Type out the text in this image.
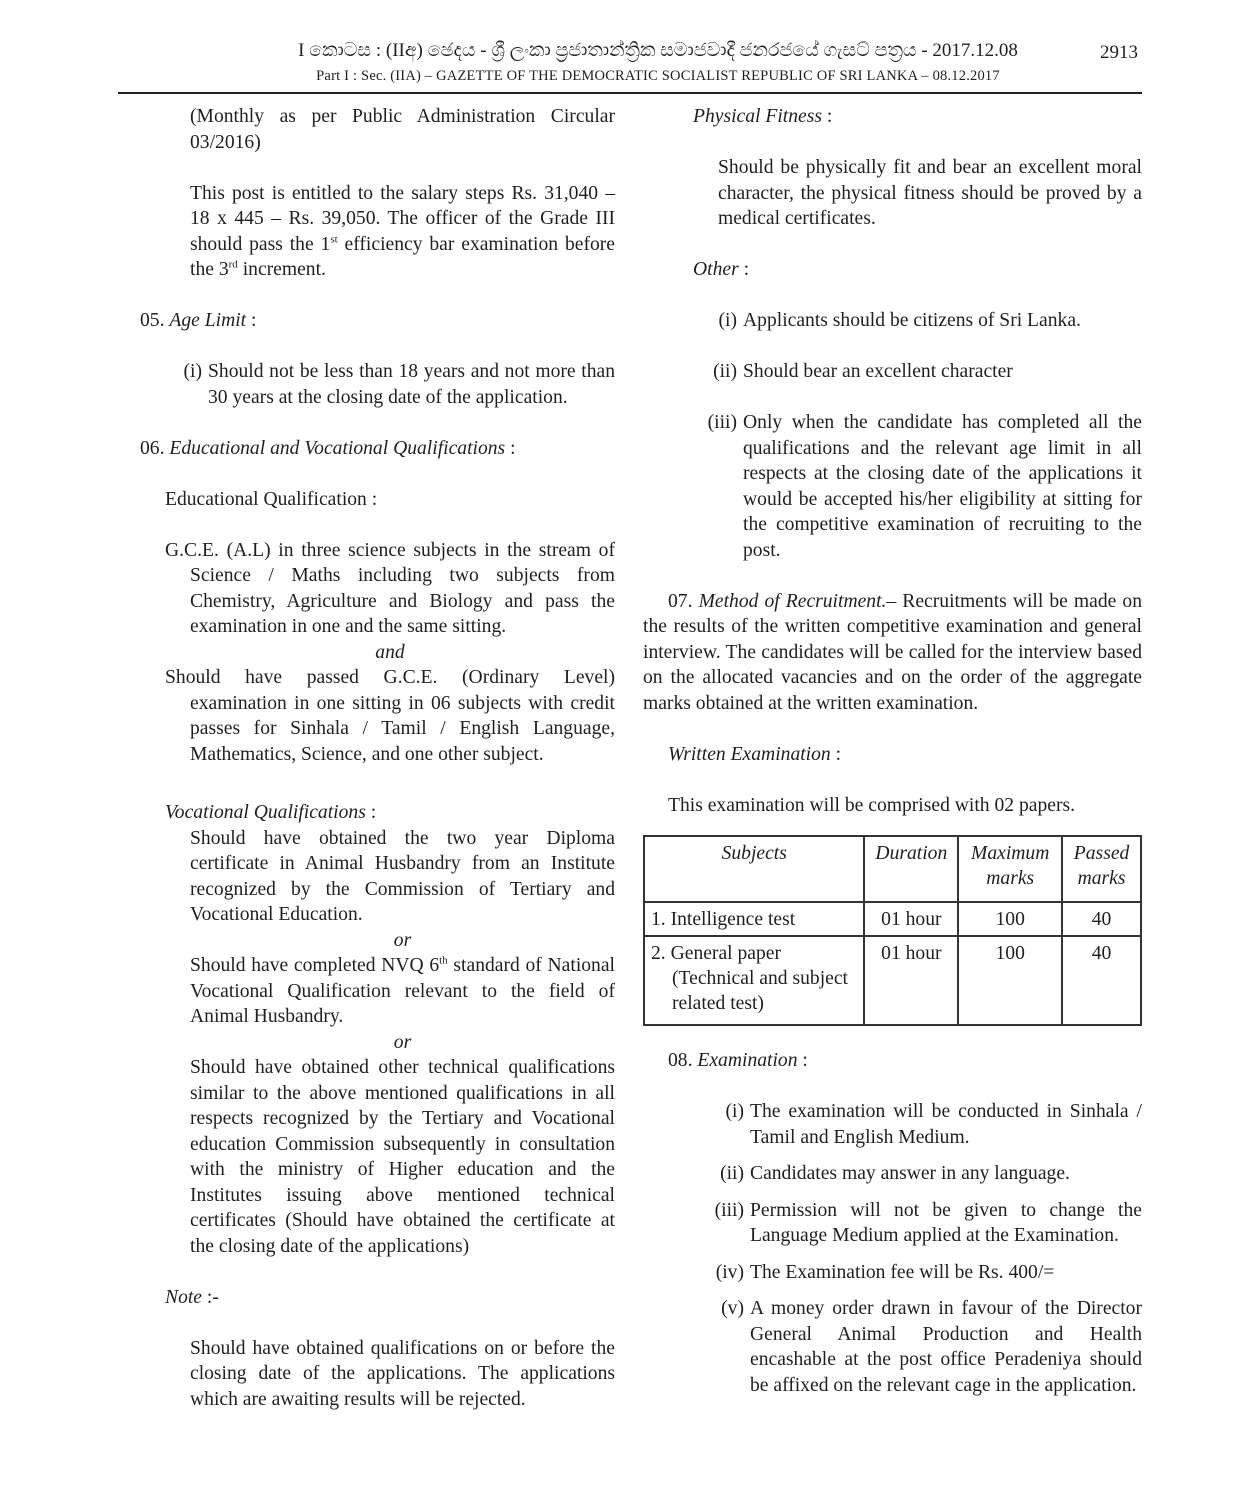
I කොටස : (IIඅ) ඡෙදය - ශ්‍රී ලංකා ප්‍රජාතාන්ත්‍රික සමාජවාදී ජනරජයේ ගැසට් පත්‍රය - 2017.12.08
Part I : Sec. (IIA) – GAZETTE OF THE DEMOCRATIC SOCIALIST REPUBLIC OF SRI LANKA – 08.12.2017
2913

(Monthly as per Public Administration Circular 03/2016)

This post is entitled to the salary steps Rs. 31,040 – 18 x 445 – Rs. 39,050. The officer of the Grade III should pass the 1st efficiency bar examination before the 3rd increment.

05. Age Limit :

(i) Should not be less than 18 years and not more than 30 years at the closing date of the application.

06. Educational and Vocational Qualifications :

Educational Qualification :

G.C.E. (A.L) in three science subjects in the stream of Science / Maths including two subjects from Chemistry, Agriculture and Biology and pass the examination in one and the same sitting.

and

Should have passed G.C.E. (Ordinary Level) examination in one sitting in 06 subjects with credit passes for Sinhala / Tamil / English Language, Mathematics, Science, and one other subject.

Vocational Qualifications :

Should have obtained the two year Diploma certificate in Animal Husbandry from an Institute recognized by the Commission of Tertiary and Vocational Education.

or

Should have completed NVQ 6th standard of National Vocational Qualification relevant to the field of Animal Husbandry.

or

Should have obtained other technical qualifications similar to the above mentioned qualifications in all respects recognized by the Tertiary and Vocational education Commission subsequently in consultation with the ministry of Higher education and the Institutes issuing above mentioned technical certificates (Should have obtained the certificate at the closing date of the applications)

Note :-

Should have obtained qualifications on or before the closing date of the applications. The applications which are awaiting results will be rejected.

Physical Fitness :

Should be physically fit and bear an excellent moral character, the physical fitness should be proved by a medical certificates.

Other :

(i) Applicants should be citizens of Sri Lanka.
(ii) Should bear an excellent character
(iii) Only when the candidate has completed all the qualifications and the relevant age limit in all respects at the closing date of the applications it would be accepted his/her eligibility at sitting for the competitive examination of recruiting to the post.

07. Method of Recruitment.– Recruitments will be made on the results of the written competitive examination and general interview. The candidates will be called for the interview based on the allocated vacancies and on the order of the aggregate marks obtained at the written examination.

Written Examination :

This examination will be comprised with 02 papers.

Subjects	Duration	Maximum marks	Passed marks

1. Intelligence test	01 hour	100	40

2. General paper
(Technical and subject related test)	01 hour	100	40

08. Examination :

(i) The examination will be conducted in Sinhala / Tamil and English Medium.
(ii) Candidates may answer in any language.
(iii) Permission will not be given to change the Language Medium applied at the Examination.
(iv) The Examination fee will be Rs. 400/=
(v) A money order drawn in favour of the Director General Animal Production and Health encashable at the post office Peradeniya should be affixed on the relevant cage in the application.
